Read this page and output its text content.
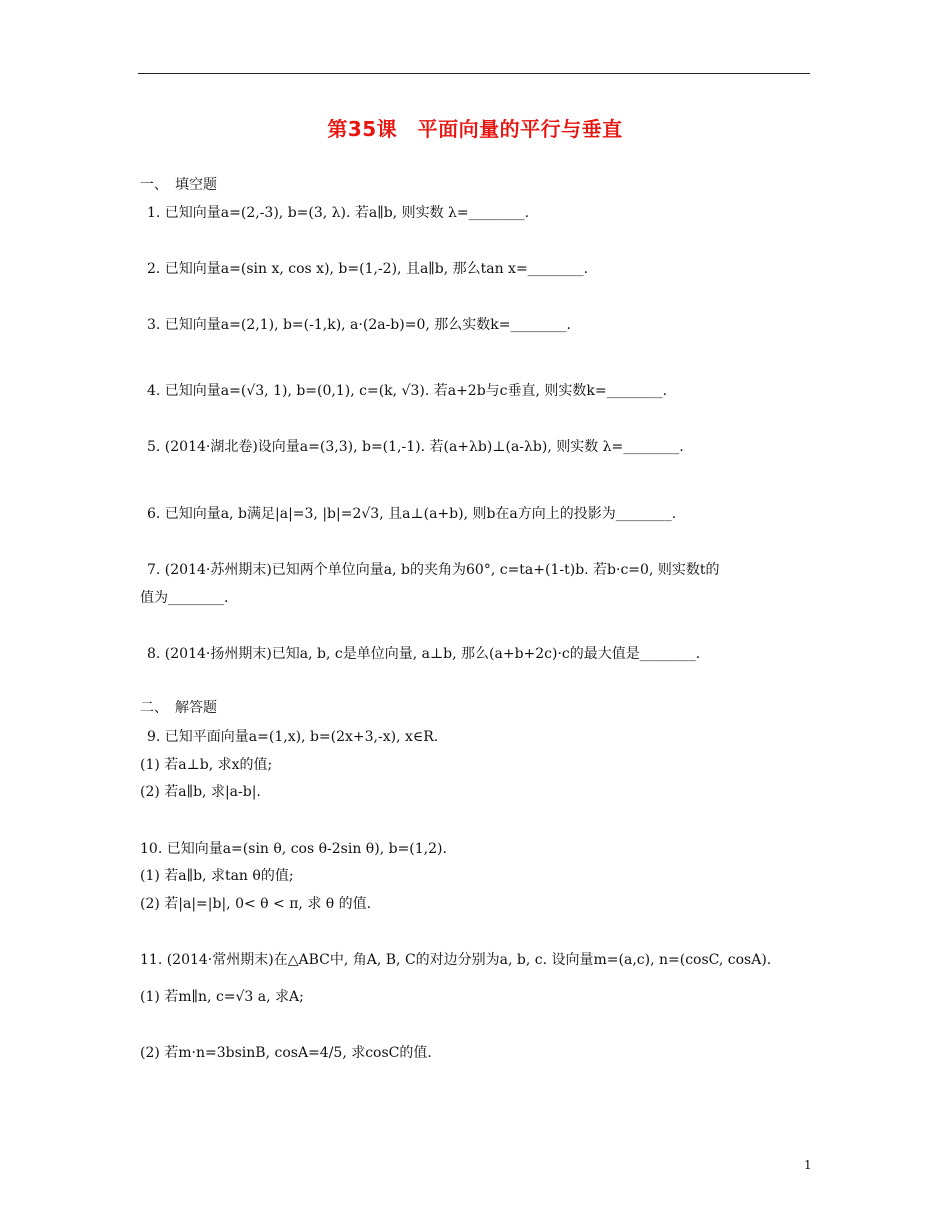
第35课　平面向量的平行与垂直
一、　填空题
1. 已知向量a=(2,-3), b=(3, λ). 若a∥b, 则实数 λ=________.
2. 已知向量a=(sin x, cos x), b=(1,-2), 且a∥b, 那么tan x=________.
3. 已知向量a=(2,1), b=(-1,k), a·(2a-b)=0, 那么实数k=________.
4. 已知向量a=(√3, 1), b=(0,1), c=(k, √3). 若a+2b与c垂直, 则实数k=________.
5. (2014·湖北卷)设向量a=(3,3), b=(1,-1). 若(a+λb)⊥(a-λb), 则实数 λ=________.
6. 已知向量a, b满足|a|=3, |b|=2√3, 且a⊥(a+b), 则b在a方向上的投影为________.
7. (2014·苏州期末)已知两个单位向量a, b的夹角为60°, c=ta+(1-t)b. 若b·c=0, 则实数t的
值为________.
8. (2014·扬州期末)已知a, b, c是单位向量, a⊥b, 那么(a+b+2c)·c的最大值是________.
二、　解答题
9. 已知平面向量a=(1,x), b=(2x+3,-x), x∈R.
(1) 若a⊥b, 求x的值;
(2) 若a∥b, 求|a-b|.
10. 已知向量a=(sin θ, cos θ-2sin θ), b=(1,2).
(1) 若a∥b, 求tan θ的值;
(2) 若|a|=|b|, 0< θ < π, 求 θ 的值.
11. (2014·常州期末)在△ABC中, 角A, B, C的对边分别为a, b, c. 设向量m=(a,c), n=(cosC, cosA).
(1) 若m∥n, c=√3 a, 求A;
(2) 若m·n=3bsinB, cosA=4/5, 求cosC的值.
1
